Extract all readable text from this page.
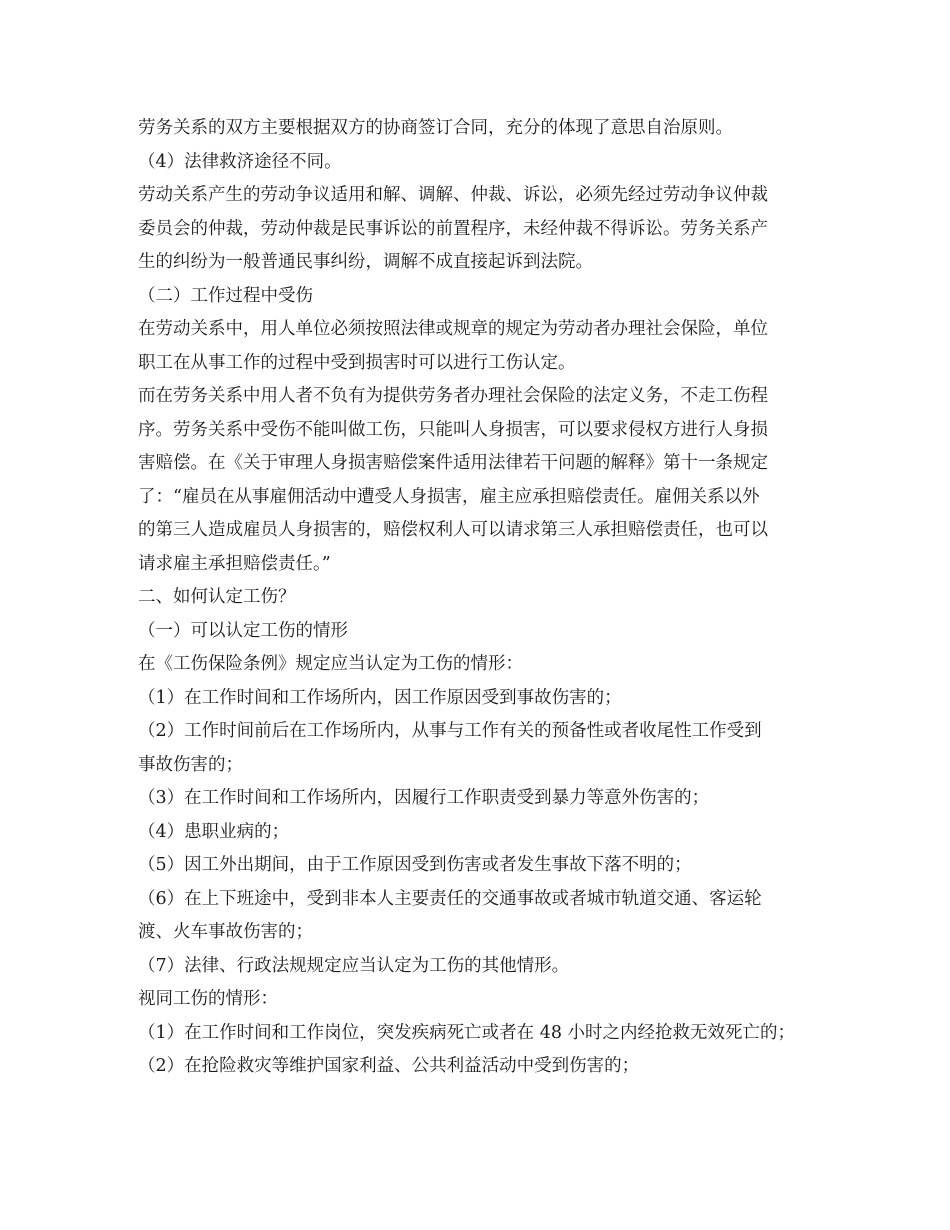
劳务关系的双方主要根据双方的协商签订合同，充分的体现了意思自治原则。

（4）法律救济途径不同。

劳动关系产生的劳动争议适用和解、调解、仲裁、诉讼，必须先经过劳动争议仲裁

委员会的仲裁，劳动仲裁是民事诉讼的前置程序，未经仲裁不得诉讼。劳务关系产

生的纠纷为一般普通民事纠纷，调解不成直接起诉到法院。

（二）工作过程中受伤

在劳动关系中，用人单位必须按照法律或规章的规定为劳动者办理社会保险，单位

职工在从事工作的过程中受到损害时可以进行工伤认定。

而在劳务关系中用人者不负有为提供劳务者办理社会保险的法定义务，不走工伤程

序。劳务关系中受伤不能叫做工伤，只能叫人身损害，可以要求侵权方进行人身损

害赔偿。在《关于审理人身损害赔偿案件适用法律若干问题的解释》第十一条规定

了：“雇员在从事雇佣活动中遭受人身损害，雇主应承担赔偿责任。雇佣关系以外

的第三人造成雇员人身损害的，赔偿权利人可以请求第三人承担赔偿责任，也可以

请求雇主承担赔偿责任。”

二、如何认定工伤？

（一）可以认定工伤的情形

在《工伤保险条例》规定应当认定为工伤的情形：

（1）在工作时间和工作场所内，因工作原因受到事故伤害的；

（2）工作时间前后在工作场所内，从事与工作有关的预备性或者收尾性工作受到

事故伤害的；

（3）在工作时间和工作场所内，因履行工作职责受到暴力等意外伤害的；

（4）患职业病的；

（5）因工外出期间，由于工作原因受到伤害或者发生事故下落不明的；

（6）在上下班途中，受到非本人主要责任的交通事故或者城市轨道交通、客运轮

渡、火车事故伤害的；

（7）法律、行政法规规定应当认定为工伤的其他情形。

视同工伤的情形：

（1）在工作时间和工作岗位，突发疾病死亡或者在 48 小时之内经抢救无效死亡的；

（2）在抢险救灾等维护国家利益、公共利益活动中受到伤害的；
